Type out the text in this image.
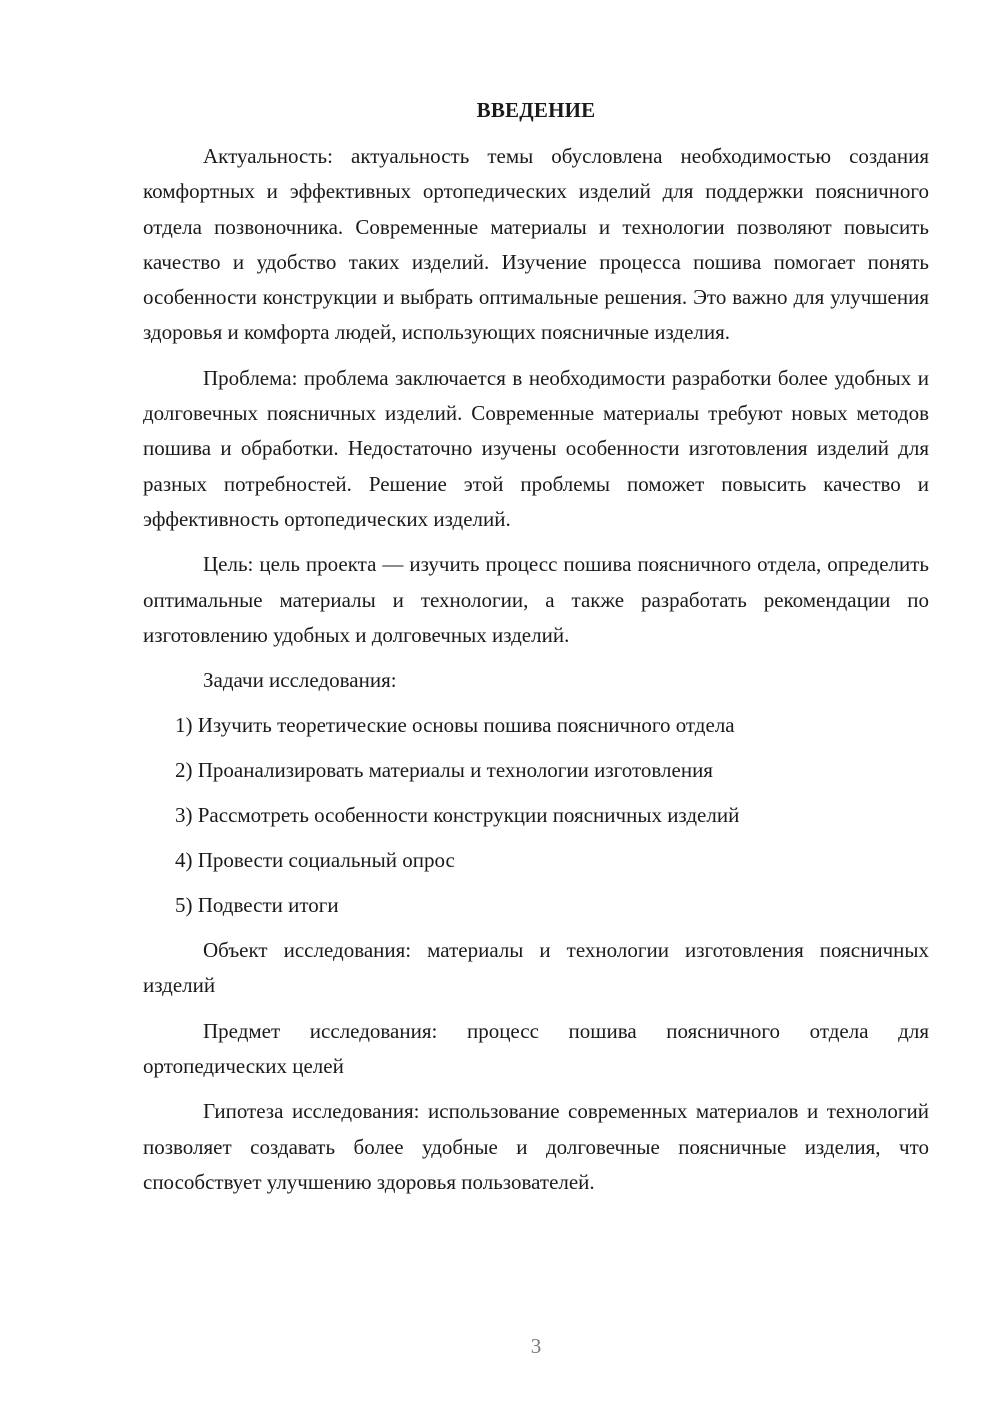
ВВЕДЕНИЕ

Актуальность: актуальность темы обусловлена необходимостью создания комфортных и эффективных ортопедических изделий для поддержки поясничного отдела позвоночника. Современные материалы и технологии позволяют повысить качество и удобство таких изделий. Изучение процесса пошива помогает понять особенности конструкции и выбрать оптимальные решения. Это важно для улучшения здоровья и комфорта людей, использующих поясничные изделия.

Проблема: проблема заключается в необходимости разработки более удобных и долговечных поясничных изделий. Современные материалы требуют новых методов пошива и обработки. Недостаточно изучены особенности изготовления изделий для разных потребностей. Решение этой проблемы поможет повысить качество и эффективность ортопедических изделий.

Цель: цель проекта — изучить процесс пошива поясничного отдела, определить оптимальные материалы и технологии, а также разработать рекомендации по изготовлению удобных и долговечных изделий.

Задачи исследования:

1) Изучить теоретические основы пошива поясничного отдела
2) Проанализировать материалы и технологии изготовления
3) Рассмотреть особенности конструкции поясничных изделий
4) Провести социальный опрос
5) Подвести итоги

Объект исследования: материалы и технологии изготовления поясничных изделий

Предмет исследования: процесс пошива поясничного отдела для ортопедических целей

Гипотеза исследования: использование современных материалов и технологий позволяет создавать более удобные и долговечные поясничные изделия, что способствует улучшению здоровья пользователей.

3
